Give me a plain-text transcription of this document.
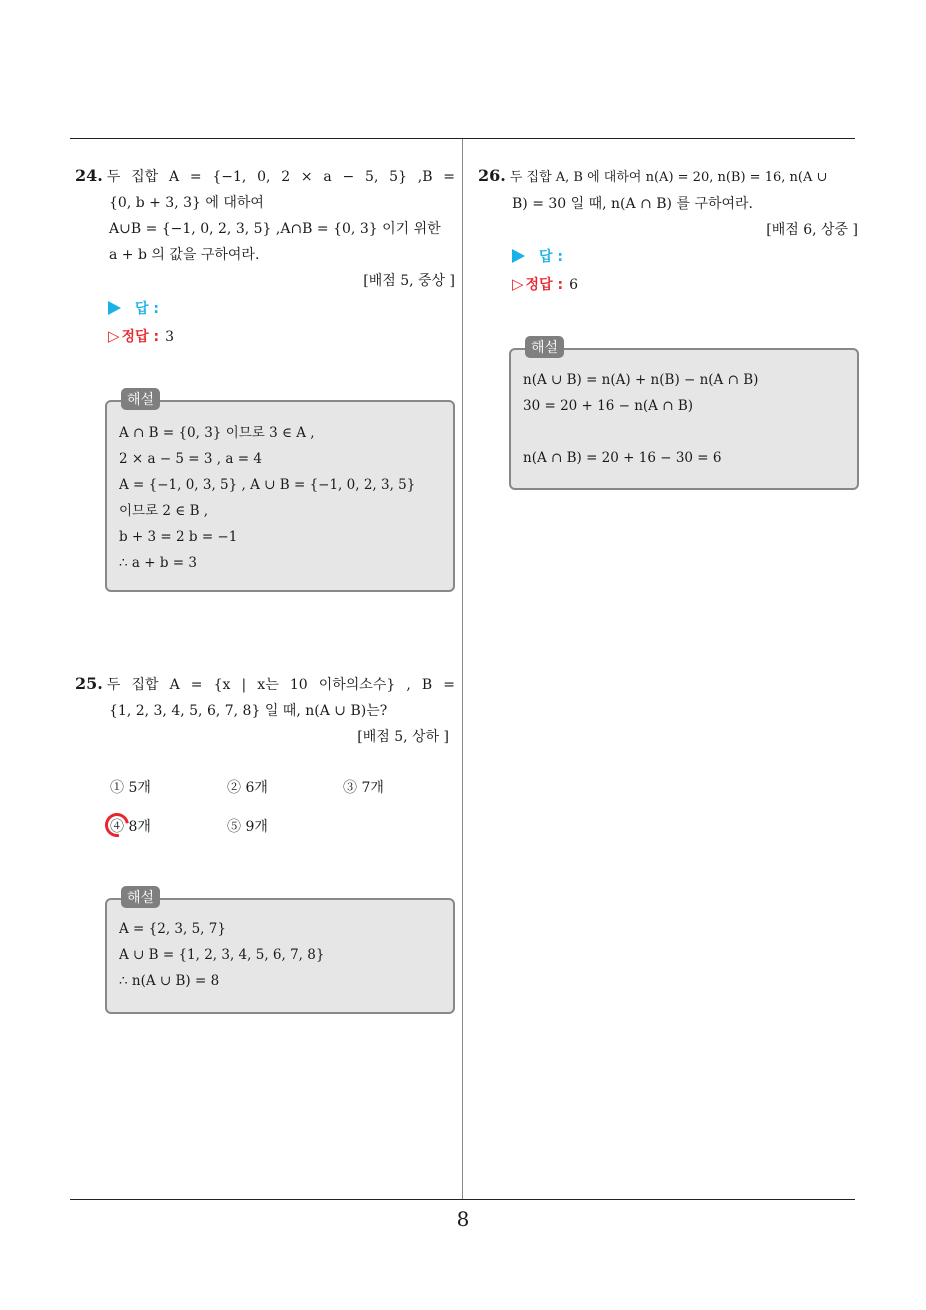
24. 두 집합 A = {−1, 0, 2 × a − 5, 5} ,B =
{0, b + 3, 3} 에 대하여
A∪B = {−1, 0, 2, 3, 5} ,A∩B = {0, 3} 이기 위한
a + b 의 값을 구하여라.
[배점 5, 중상 ]
답 :
▷ 정답 : 3
해설
A ∩ B = {0, 3} 이므로 3 ∈ A ,
2 × a − 5 = 3 , a = 4
A = {−1, 0, 3, 5} , A ∪ B = {−1, 0, 2, 3, 5}
이므로 2 ∈ B ,
b + 3 = 2 b = −1
∴ a + b = 3
25. 두 집합 A = {x | x는 10 이하의소수} , B =
{1, 2, 3, 4, 5, 6, 7, 8} 일 때, n(A ∪ B)는?
[배점 5, 상하 ]
① 5개	② 6개	③ 7개
④ 8개	⑤ 9개
해설
A = {2, 3, 5, 7}
A ∪ B = {1, 2, 3, 4, 5, 6, 7, 8}
∴ n(A ∪ B) = 8
26. 두 집합 A, B 에 대하여 n(A) = 20, n(B) = 16, n(A ∪
B) = 30 일 때, n(A ∩ B) 를 구하여라.
[배점 6, 상중 ]
답 :
▷ 정답 : 6
해설
n(A ∪ B) = n(A) + n(B) − n(A ∩ B)
30 = 20 + 16 − n(A ∩ B)
n(A ∩ B) = 20 + 16 − 30 = 6
8
